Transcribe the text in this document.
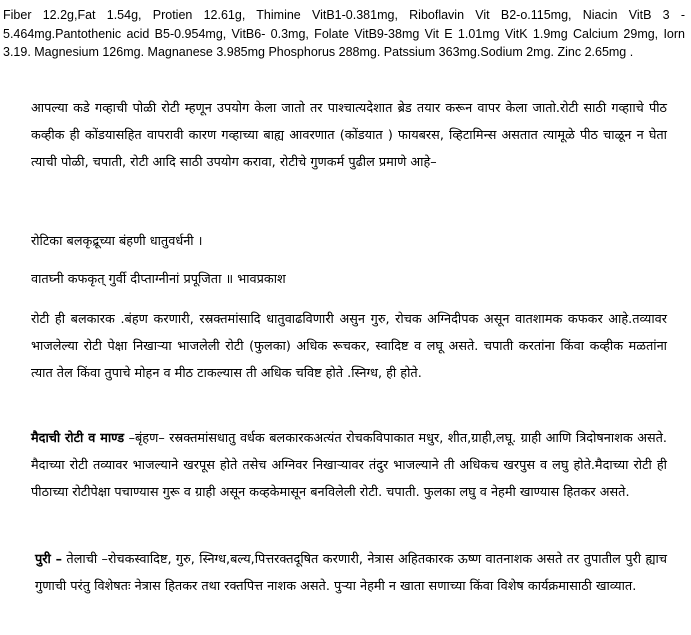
Fiber 12.2g,Fat 1.54g, Protien 12.61g, Thimine VitB1-0.381mg, Riboflavin Vit B2-o.115mg, Niacin VitB 3 - 5.464mg.Pantothenic acid B5-0.954mg, VitB6- 0.3mg, Folate VitB9-38mg Vit E 1.01mg VitK 1.9mg Calcium 29mg, Iorn 3.19. Magnesium 126mg. Magnanese 3.985mg Phosphorus 288mg. Patssium 363mg.Sodium 2mg. Zinc 2.65mg .

आपल्या कडे गव्हाची पोळी रोटी म्हणून उपयोग केला जातो तर पाश्चात्यदेशात ब्रेड तयार करून वापर केला जातो.रोटी साठी गव्हााचे पीठ कव्हीक ही कोंडयासहित वापरावी कारण गव्हाच्या बाह्य आवरणात (कोंडयात ) फायबरस, व्हिटामिन्स असतात त्यामूळे पीठ चाळून न घेता त्याची पोळी, चपाती, रोटी आदि साठी उपयोग करावा, रोटीचे गुणकर्म पुढील प्रमाणे आहे–

रोटिका बलकृद्रूच्या बंहणी धातुवर्धनी ।

वातघ्नी कफकृत् गुर्वी दीप्ताग्नीनां प्रपूजिता ॥ भावप्रकाश

रोटी ही बलकारक .बंहण करणारी, रस्रक्तमांसादि धातुवाढविणारी असुन गुरु, रोचक अग्निदीपक असून वातशामक कफकर आहे.तव्यावर भाजलेल्या रोटी पेक्षा निखाऱ्या भाजलेली रोटी (फुलका) अधिक रूचकर, स्वादिष्ट व लघू असते. चपाती करतांना किंवा कव्हीक मळतांना त्यात तेल किंवा तुपाचे मोहन व मीठ टाकल्यास ती अधिक चविष्ट होते .स्निग्ध, ही होते.

मैदाची रोटी व माण्ड –बृंहण– रस्रक्तमांसधातु वर्धक बलकारकअत्यंत रोचकविपाकात मधुर, शीत,ग्राही,लघू. ग्राही आणि त्रिदोषनाशक असते. मैदाच्या रोटी तव्यावर भाजल्याने खरपूस होते तसेच अग्निवर निखाऱ्यावर तंदुर भाजल्याने ती अधिकच खरपुस व लघु होते.मैदाच्या रोटी ही पीठाच्या रोटीपेक्षा पचाण्यास गुरू व ग्राही असून कव्हकेमासून बनविलेली रोटी. चपाती. फुलका लघु व नेहमी खाण्यास हितकर असते.

पुरी – तेलाची –रोचकस्वादिष्ट, गुरु, स्निग्ध,बल्य,पित्तरक्तदूषित करणारी, नेत्रास अहितकारक ऊष्ण वातनाशक असते तर तुपातील पुरी ह्याच गुणाची परंतु विशेषतः नेत्रास हितकर तथा रक्तपित्त नाशक असते. पुऱ्या नेहमी न खाता सणाच्या किंवा विशेष कार्यक्रमासाठी खाव्यात.
